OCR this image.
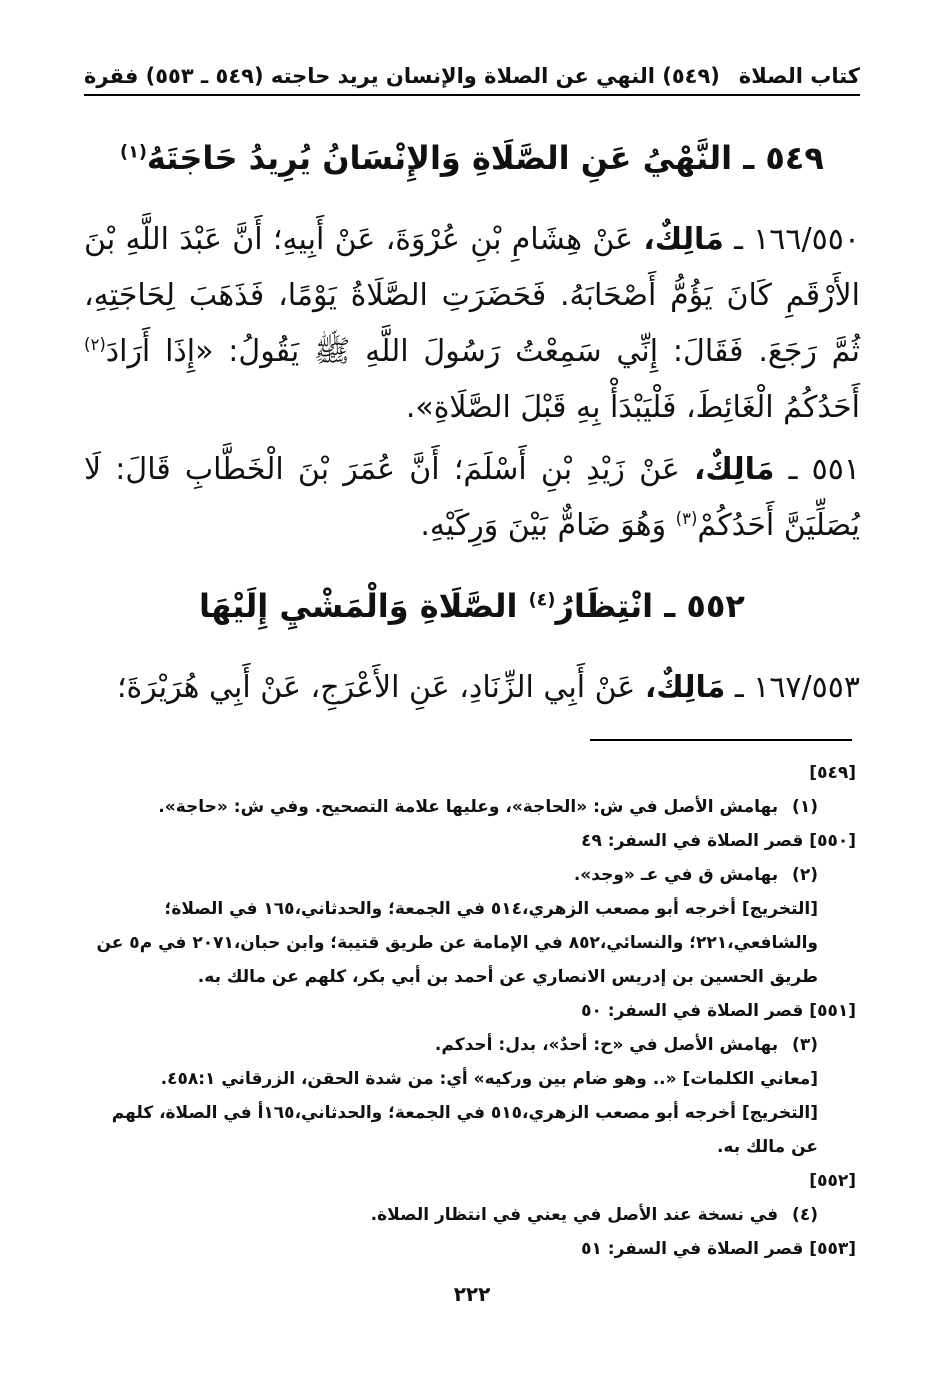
كتاب الصلاة
(٥٤٩) النهي عن الصلاة والإنسان يريد حاجته (٥٤٩ ـ ٥٥٣) فقرة
٥٤٩ ـ النَّهْيُ عَنِ الصَّلَاةِ وَالإِنْسَانُ يُرِيدُ حَاجَتَهُ$^{(١)}$
١٦٦/٥٥٠ ـ مَالِكٌ، عَنْ هِشَامِ بْنِ عُرْوَةَ، عَنْ أَبِيهِ؛ أَنَّ عَبْدَ اللَّهِ بْنَ الأَرْقَمِ كَانَ يَؤُمُّ أَصْحَابَهُ. فَحَضَرَتِ الصَّلَاةُ يَوْمًا، فَذَهَبَ لِحَاجَتِهِ، ثُمَّ رَجَعَ. فَقَالَ: إِنِّي سَمِعْتُ رَسُولَ اللَّهِ ﷺ يَقُولُ: «إِذَا أَرَادَ$^{(٢)}$ أَحَدُكُمُ الْغَائِطَ، فَلْيَبْدَأْ بِهِ قَبْلَ الصَّلَاةِ».
٥٥١ ـ مَالِكٌ، عَنْ زَيْدِ بْنِ أَسْلَمَ؛ أَنَّ عُمَرَ بْنَ الْخَطَّابِ قَالَ: لَا يُصَلِّيَنَّ أَحَدُكُمْ$^{(٣)}$ وَهُوَ ضَامٌّ بَيْنَ وَرِكَيْهِ.
٥٥٢ ـ انْتِظَارُ$^{(٤)}$ الصَّلَاةِ وَالْمَشْيِ إِلَيْهَا
١٦٧/٥٥٣ ـ مَالِكٌ، عَنْ أَبِي الزِّنَادِ، عَنِ الأَعْرَجِ، عَنْ أَبِي هُرَيْرَةَ؛
[٥٤٩]
(١) بهامش الأصل في ش: «الحاجة»، وعليها علامة التصحيح. وفي ش: «حاجة».
[٥٥٠] قصر الصلاة في السفر: ٤٩
(٢) بهامش ق في عـ «وجد».
[التخريج] أخرجه أبو مصعب الزهري،٥١٤ في الجمعة؛ والحدثاني،١٦٥ في الصلاة؛ والشافعي،٢٢١؛ والنسائي،٨٥٢ في الإمامة عن طريق قتيبة؛ وابن حبان،٢٠٧١ في م٥ عن طريق الحسين بن إدريس الانصاري عن أحمد بن أبي بكر، كلهم عن مالك به.
[٥٥١] قصر الصلاة في السفر: ٥٠
(٣) بهامش الأصل في «ح: أحدٌ»، بدل: أحدكم.
[معاني الكلمات] «.. وهو ضام بين وركيه» أي: من شدة الحقن، الزرقاني ٤٥٨:١.
[التخريج] أخرجه أبو مصعب الزهري،٥١٥ في الجمعة؛ والحدثاني،١٦٥أ في الصلاة، كلهم عن مالك به.
[٥٥٢]
(٤) في نسخة عند الأصل في يعني في انتظار الصلاة.
[٥٥٣] قصر الصلاة في السفر: ٥١
٢٢٢
